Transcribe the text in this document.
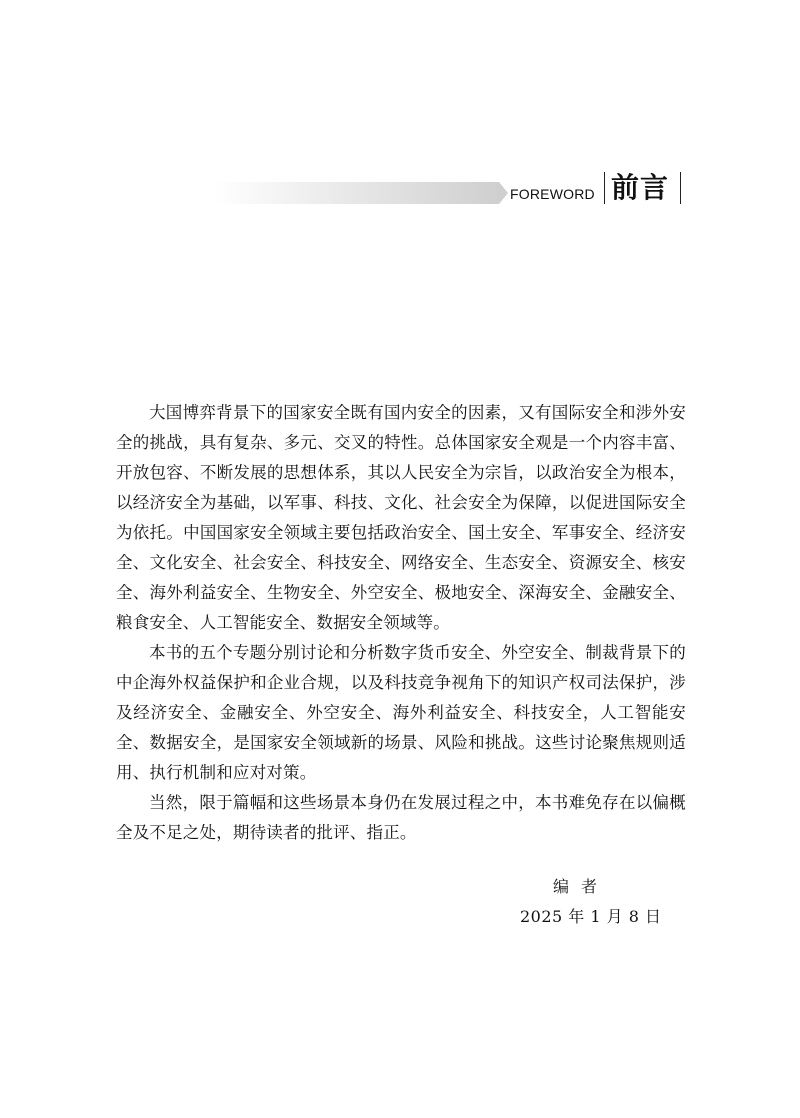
FOREWORD 前言

大国博弈背景下的国家安全既有国内安全的因素，又有国际安全和涉外安全的挑战，具有复杂、多元、交叉的特性。总体国家安全观是一个内容丰富、开放包容、不断发展的思想体系，其以人民安全为宗旨，以政治安全为根本，以经济安全为基础，以军事、科技、文化、社会安全为保障，以促进国际安全为依托。中国国家安全领域主要包括政治安全、国土安全、军事安全、经济安全、文化安全、社会安全、科技安全、网络安全、生态安全、资源安全、核安全、海外利益安全、生物安全、外空安全、极地安全、深海安全、金融安全、粮食安全、人工智能安全、数据安全领域等。

本书的五个专题分别讨论和分析数字货币安全、外空安全、制裁背景下的中企海外权益保护和企业合规，以及科技竞争视角下的知识产权司法保护，涉及经济安全、金融安全、外空安全、海外利益安全、科技安全，人工智能安全、数据安全，是国家安全领域新的场景、风险和挑战。这些讨论聚焦规则适用、执行机制和应对对策。

当然，限于篇幅和这些场景本身仍在发展过程之中，本书难免存在以偏概全及不足之处，期待读者的批评、指正。

编者
2025 年 1 月 8 日
